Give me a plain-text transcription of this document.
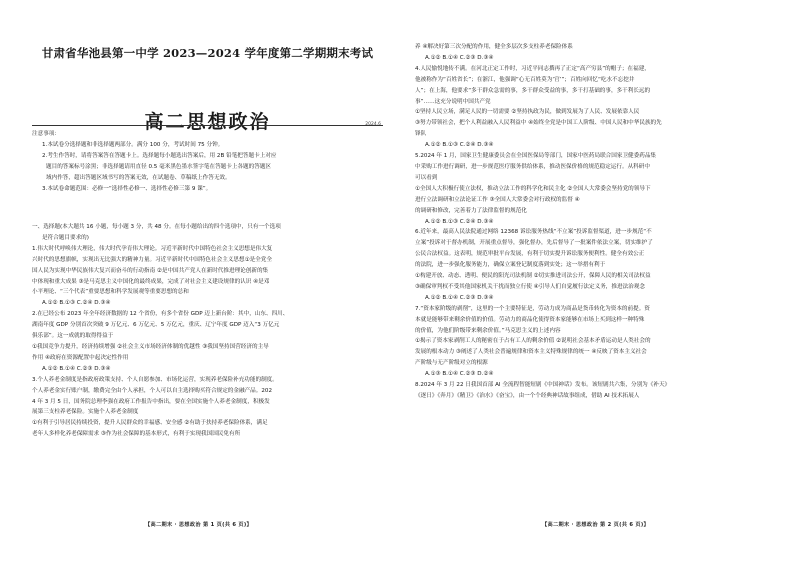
甘肃省华池县第一中学 2023—2024 学年度第二学期期末考试
高二思想政治	2024.6

注意事项：

1.本试卷分选择题和非选择题两部分。满分 100 分，考试时间 75 分钟。

2.考生作答时，请将答案答在答题卡上。选择题每小题选出答案后，用 2B 铅笔把答题卡上对应

题目的答案标号涂黑；非选择题请用直径 0.5 毫米黑色墨水签字笔在答题卡上各题的答题区

域内作答，超出答题区域书写的答案无效，在试题卷、草稿纸上作答无效。

3.本试卷命题范围：必修一“选择性必修一、选择性必修三第 9 课”。

一、选择题(本大题共 16 小题，每小题 3 分，共 48 分。在每小题给出的四个选项中，只有一个选项

是符合题目要求的)

1.伟大时代呼唤伟大理论，伟大时代孕育伟大理论。习近平新时代中国特色社会主义思想是伟大复

兴时代的思想旗帜，实现出无比强大的精神力量。习近平新时代中国特色社会主义思想①是全党全

国人民为实现中华民族伟大复兴而奋斗的行动指南 ②是中国共产党人在新时代推进理论创新的集

中体现和重大成果 ③是马克思主义中国化的最终成果，完成了对社会主义建设规律的认识 ④是邓

小平理论、“三个代表”重要思想和科学发展观等重要思想的总和

A.①② B.①③ C.②④ D.③④

2.在已经公布 2023 年全年经济数据的 12 个省份，有多个省份 GDP 迈上新台阶：其中，山东、四川、

湖南年度 GDP 分别首次突破 9 万亿元、6 万亿元、5 万亿元，重庆、辽宁年度 GDP 迈入“3 万亿元

俱乐部”。这一成就的取得得益于

①我国竞争力提升，经济持续增强 ②社会主义市场经济体制的优越性 ③我国坚持国营经济的主导

作用 ④政府在资源配置中起决定性作用

A.①② B.①④ C.②③ D.③④

3.个人养老金制度是指政府政策支持、个人自愿参加、市场化运营，实现养老保险补充功能的制度。

个人养老金实行账户制，缴费完全由个人承担，个人可以自主选择购买符合规定的金融产品。202

4 年 3 月 5 日，国务院总理李强在政府工作报告中指出，要在全国实施个人养老金制度，积极发

展第三支柱养老保险。实施个人养老金制度

①有利于引导居民持续投资，提升人民群众的幸福感、安全感 ②有助于扶持养老保险体系，满足

老年人多样化养老保障需求 ③作为社会保障的基本形式，有利于实现我国国民免有所

【高二期末 · 思想政治 第 1 页(共 6 页)】

养 ④解决好第三次分配的作用，健全多层次多支柱养老保险体系

A.①② B.①④ C.②③ D.③④

4.人民愉悦地传不满。在河北正定工作时，习近平同志撰再了正定“高产穷县”的帽子；在福建，

他被称作为“百姓省长”；在浙江，他强调“心无百姓莫为‘官’”；百姓向回忆“吃水不忘挖井

人”；在上海，他要求“多干群众急需的事，多干群众受益的事，多干打基础的事，多干利长远的

事”……这充分说明中国共产党

①坚持人民立场，满足人民的一切需要 ②坚持执政为民，做到发展为了人民、发展依靠人民

③努力带领社会，把个人利益融入人民利益中 ④始终全党是中国工人阶级、中国人民和中华民族的先

锋队

A.①② B.①③ C.②④ D.③④

5.2024 年 1 月，国家卫生健康委员会在全国医保局等部门，国家中医药局联合国家卫健委药品集

中采购工作进行调研，进一步规范医疗服务供给体系，推动医保价格的规范稳定运行。从科研中

可以看到

①全国人大积极行使立法权，推动立法工作的科学化和民主化 ②全国人大常委会坚持党的领导下

进行立法调研和立法论证工作 ③全国人大常委会对行政权的监督 ④

的调研和修改，完善着力了法律监督的规范化

A.①② B.①③ C.②④ D.③④

6.近年来，最高人民法院通过网络 12368 诉讼服务热线“不立案”投诉监督渠道，进一步规范“不

立案”投诉对于督办机制，开展重点督导，强化督办，先后督导了一批案件依法立案，切实维护了

公民合法权益。这表明，规范审批平台发展，有利于切实提升诉讼服务便利性。健全有效公正

的法院，进一步强化服务能力，确保立案登记制度落到实处；这一举措有利于

①构建开放、动态、透明、便民的阳光司法机制 ②切实推进司法公开，保障人民的相关司法权益

③确保审判权不受其他国家机关干扰而独立行使 ④引导人们自觉履行法定义务，推进法治观念

A.①② B.①④ C.②③ D.③④

7.“资本家阶级的剥削”，这里的一个主要特征是，劳动力成为商品是货币转化为资本的前提。资

本就是能够带来剩余价值的价值。劳动力的商品化使得资本家能够在市场上买到这样一种特殊

的价值，为他们阶级带来剩余价值。”马克思主义的上述内容

①揭示了资本家剥削工人的秘密在于占有工人的剩余价值 ②说明社会基本矛盾运动是人类社会的

发展的根本动力 ③阐述了人类社会普遍规律和资本主义特殊规律的统一 ④反映了资本主义社会

产阶级与无产阶级对立的根源

A.①③ B.①④ C.②③ D.②④

8.2024 年 3 月 22 日我国首部 AI 全流程智能短剧《中国神话》发布。该短剧共六集，分别为《补天》

《逐日》《奔月》《精卫》《治水》《奋宝》，由一个个经典神话故事组成，借助 AI 技术拓展人

【高二期末 · 思想政治 第 2 页(共 6 页)】
